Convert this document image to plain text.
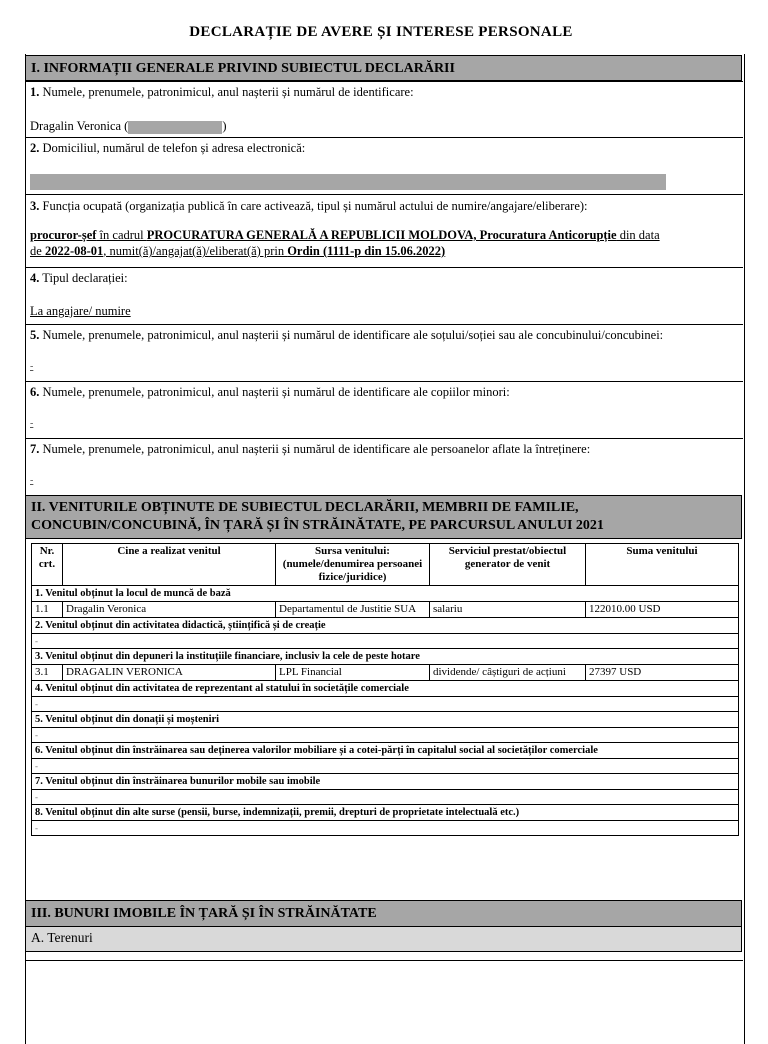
DECLARAȚIE DE AVERE ȘI INTERESE PERSONALE
I. INFORMAȚII GENERALE PRIVIND SUBIECTUL DECLARĂRII
1. Numele, prenumele, patronimicul, anul nașterii și numărul de identificare:
Dragalin Veronica (	)
2. Domiciliul, numărul de telefon și adresa electronică:
3. Funcția ocupată (organizația publică în care activează, tipul și numărul actului de numire/angajare/eliberare):
procuror-șef în cadrul PROCURATURA GENERALĂ A REPUBLICII MOLDOVA, Procuratura Anticorupție din data
de 2022-08-01, numit(ă)/angajat(ă)/eliberat(ă) prin Ordin (1111-p din 15.06.2022)
4. Tipul declarației:
La angajare/ numire
5. Numele, prenumele, patronimicul, anul nașterii și numărul de identificare ale soțului/soției sau ale concubinului/concubinei:
-
6. Numele, prenumele, patronimicul, anul nașterii și numărul de identificare ale copiilor minori:
-
7. Numele, prenumele, patronimicul, anul nașterii și numărul de identificare ale persoanelor aflate la întreținere:
-
II. VENITURILE OBȚINUTE DE SUBIECTUL DECLARĂRII, MEMBRII DE FAMILIE,
CONCUBIN/CONCUBINĂ, ÎN ȚARĂ ȘI ÎN STRĂINĂTATE, PE PARCURSUL ANULUI 2021
Nr. crt.	Cine a realizat venitul	Sursa venitului: (numele/denumirea persoanei fizice/juridice)	Serviciul prestat/obiectul generator de venit	Suma venitului
1. Venitul obținut la locul de muncă de bază				
1.1	Dragalin Veronica	Departamentul de Justitie SUA	salariu	122010.00 USD
2. Venitul obținut din activitatea didactică, științifică și de creație				
-				
3. Venitul obținut din depuneri la instituțiile financiare, inclusiv la cele de peste hotare				
3.1	DRAGALIN VERONICA	LPL Financial	dividende/ câștiguri de acțiuni	27397 USD
4. Venitul obținut din activitatea de reprezentant al statului în societățile comerciale				
-				
5. Venitul obținut din donații și moșteniri				
-				
6. Venitul obținut din înstrăinarea sau deținerea valorilor mobiliare și a cotei-părți în capitalul social al societăților comerciale				
-				
7. Venitul obținut din înstrăinarea bunurilor mobile sau imobile				
-				
8. Venitul obținut din alte surse (pensii, burse, indemnizații, premii, drepturi de proprietate intelectuală etc.)				
-				
III. BUNURI IMOBILE ÎN ȚARĂ ȘI ÎN STRĂINĂTATE
A. Terenuri
